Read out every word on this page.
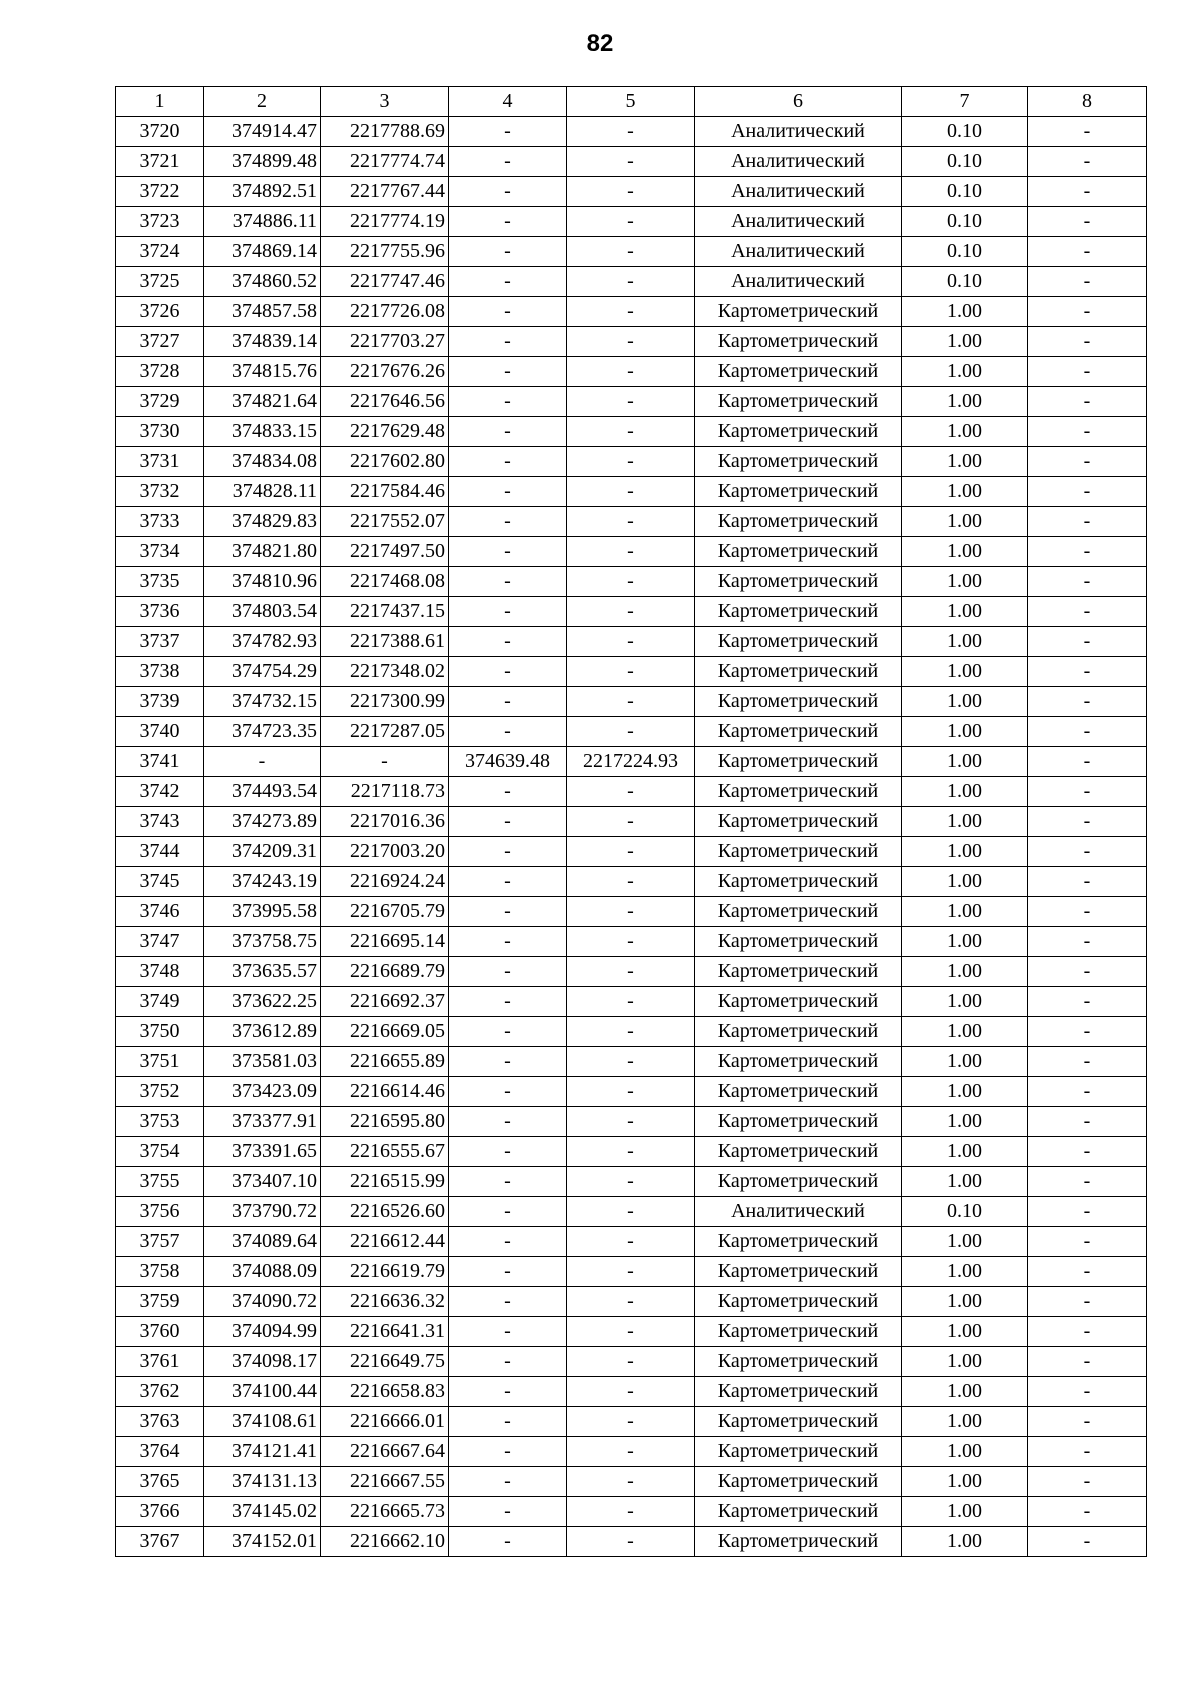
82
1	2	3	4	5	6	7	8
3720	374914.47	2217788.69	-	-	Аналитический	0.10	-
3721	374899.48	2217774.74	-	-	Аналитический	0.10	-
3722	374892.51	2217767.44	-	-	Аналитический	0.10	-
3723	374886.11	2217774.19	-	-	Аналитический	0.10	-
3724	374869.14	2217755.96	-	-	Аналитический	0.10	-
3725	374860.52	2217747.46	-	-	Аналитический	0.10	-
3726	374857.58	2217726.08	-	-	Картометрический	1.00	-
3727	374839.14	2217703.27	-	-	Картометрический	1.00	-
3728	374815.76	2217676.26	-	-	Картометрический	1.00	-
3729	374821.64	2217646.56	-	-	Картометрический	1.00	-
3730	374833.15	2217629.48	-	-	Картометрический	1.00	-
3731	374834.08	2217602.80	-	-	Картометрический	1.00	-
3732	374828.11	2217584.46	-	-	Картометрический	1.00	-
3733	374829.83	2217552.07	-	-	Картометрический	1.00	-
3734	374821.80	2217497.50	-	-	Картометрический	1.00	-
3735	374810.96	2217468.08	-	-	Картометрический	1.00	-
3736	374803.54	2217437.15	-	-	Картометрический	1.00	-
3737	374782.93	2217388.61	-	-	Картометрический	1.00	-
3738	374754.29	2217348.02	-	-	Картометрический	1.00	-
3739	374732.15	2217300.99	-	-	Картометрический	1.00	-
3740	374723.35	2217287.05	-	-	Картометрический	1.00	-
3741	-	-	374639.48	2217224.93	Картометрический	1.00	-
3742	374493.54	2217118.73	-	-	Картометрический	1.00	-
3743	374273.89	2217016.36	-	-	Картометрический	1.00	-
3744	374209.31	2217003.20	-	-	Картометрический	1.00	-
3745	374243.19	2216924.24	-	-	Картометрический	1.00	-
3746	373995.58	2216705.79	-	-	Картометрический	1.00	-
3747	373758.75	2216695.14	-	-	Картометрический	1.00	-
3748	373635.57	2216689.79	-	-	Картометрический	1.00	-
3749	373622.25	2216692.37	-	-	Картометрический	1.00	-
3750	373612.89	2216669.05	-	-	Картометрический	1.00	-
3751	373581.03	2216655.89	-	-	Картометрический	1.00	-
3752	373423.09	2216614.46	-	-	Картометрический	1.00	-
3753	373377.91	2216595.80	-	-	Картометрический	1.00	-
3754	373391.65	2216555.67	-	-	Картометрический	1.00	-
3755	373407.10	2216515.99	-	-	Картометрический	1.00	-
3756	373790.72	2216526.60	-	-	Аналитический	0.10	-
3757	374089.64	2216612.44	-	-	Картометрический	1.00	-
3758	374088.09	2216619.79	-	-	Картометрический	1.00	-
3759	374090.72	2216636.32	-	-	Картометрический	1.00	-
3760	374094.99	2216641.31	-	-	Картометрический	1.00	-
3761	374098.17	2216649.75	-	-	Картометрический	1.00	-
3762	374100.44	2216658.83	-	-	Картометрический	1.00	-
3763	374108.61	2216666.01	-	-	Картометрический	1.00	-
3764	374121.41	2216667.64	-	-	Картометрический	1.00	-
3765	374131.13	2216667.55	-	-	Картометрический	1.00	-
3766	374145.02	2216665.73	-	-	Картометрический	1.00	-
3767	374152.01	2216662.10	-	-	Картометрический	1.00	-
